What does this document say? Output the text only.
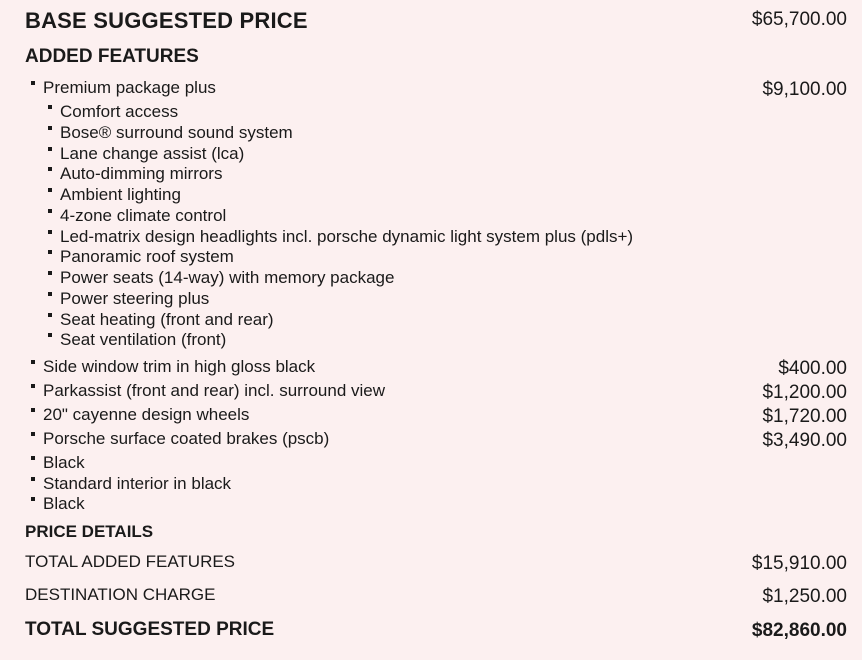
BASE SUGGESTED PRICE	$65,700.00
ADDED FEATURES
Premium package plus	$9,100.00
Comfort access
Bose® surround sound system
Lane change assist (lca)
Auto-dimming mirrors
Ambient lighting
4-zone climate control
Led-matrix design headlights incl. porsche dynamic light system plus (pdls+)
Panoramic roof system
Power seats (14-way) with memory package
Power steering plus
Seat heating (front and rear)
Seat ventilation (front)
Side window trim in high gloss black	$400.00
Parkassist (front and rear) incl. surround view	$1,200.00
20" cayenne design wheels	$1,720.00
Porsche surface coated brakes (pscb)	$3,490.00
Black
Standard interior in black
Black
PRICE DETAILS
TOTAL ADDED FEATURES	$15,910.00
DESTINATION CHARGE	$1,250.00
TOTAL SUGGESTED PRICE	$82,860.00
